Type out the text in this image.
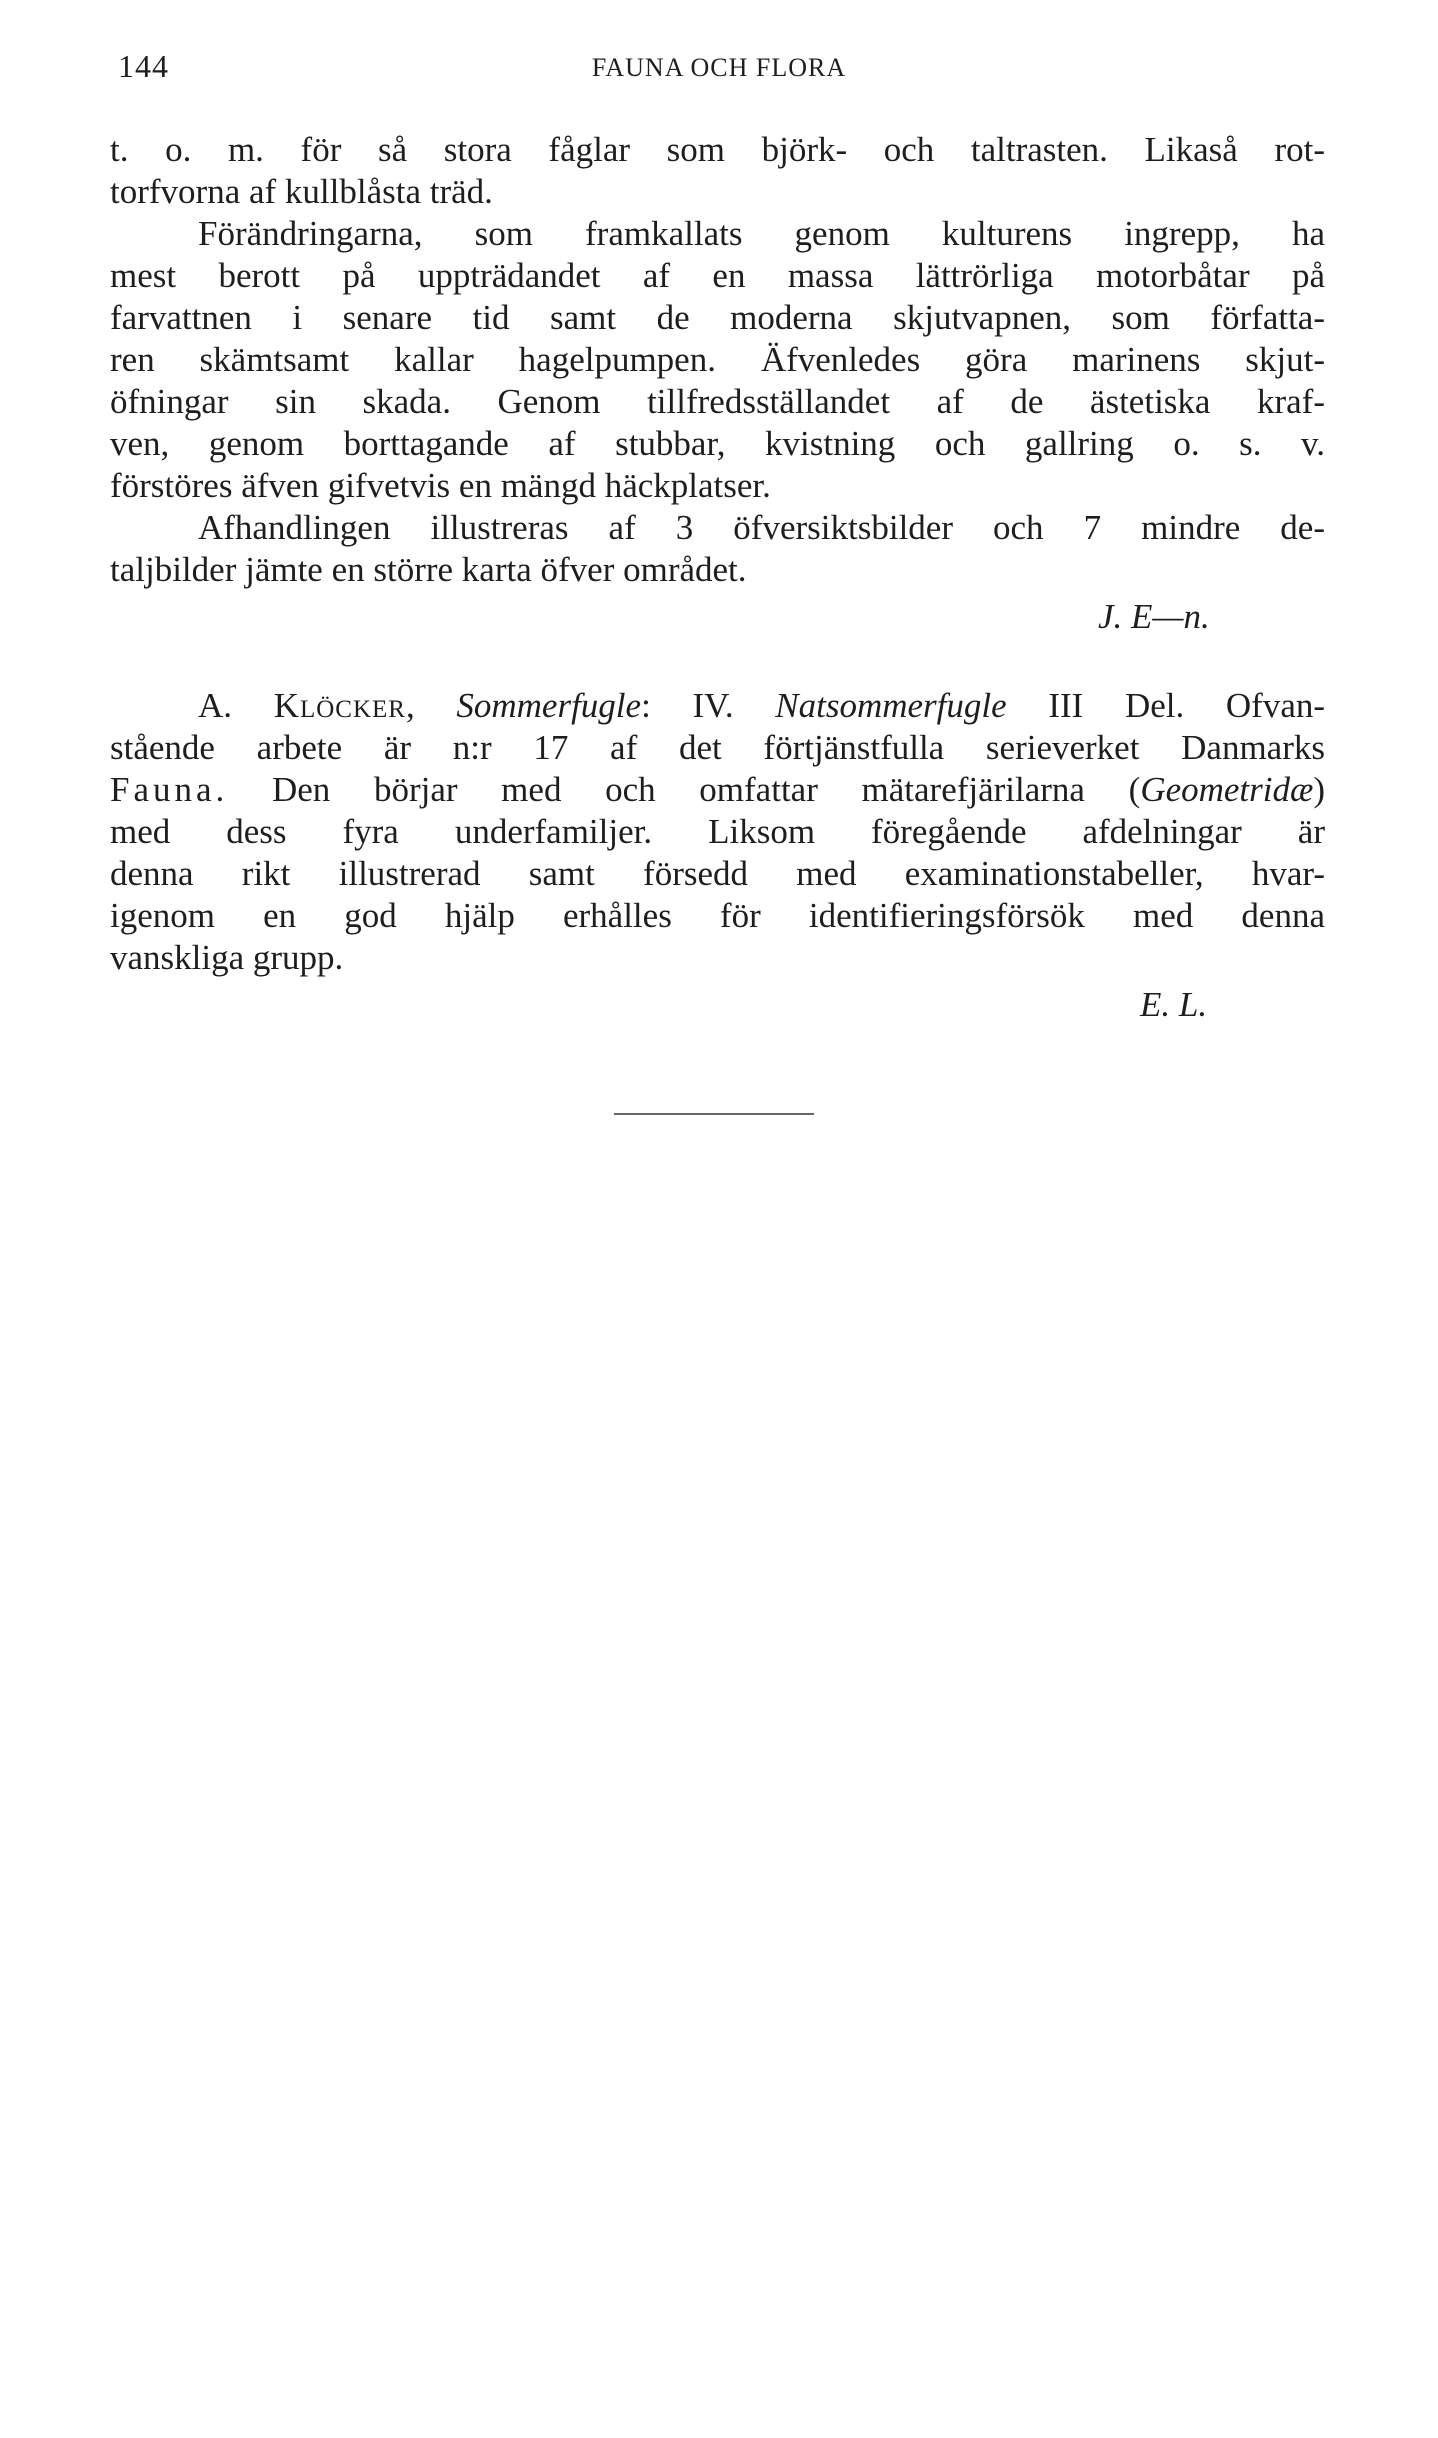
144	FAUNA OCH FLORA
t. o. m. för så stora fåglar som björk- och taltrasten. Likaså rot-
torfvorna af kullblåsta träd.
Förändringarna, som framkallats genom kulturens ingrepp, ha
mest berott på uppträdandet af en massa lättrörliga motorbåtar på
farvattnen i senare tid samt de moderna skjutvapnen, som författa-
ren skämtsamt kallar hagelpumpen. Äfvenledes göra marinens skjut-
öfningar sin skada. Genom tillfredsställandet af de ästetiska kraf-
ven, genom borttagande af stubbar, kvistning och gallring o. s. v.
förstöres äfven gifvetvis en mängd häckplatser.
Afhandlingen illustreras af 3 öfversiktsbilder och 7 mindre de-
taljbilder jämte en större karta öfver området.
J. E—n.
A. Klöcker, Sommerfugle: IV. Natsommerfugle III Del. Ofvan-
stående arbete är n:r 17 af det förtjänstfulla serieverket Danmarks
Fauna. Den börjar med och omfattar mätarefjärilarna (Geometridæ)
med dess fyra underfamiljer. Liksom föregående afdelningar är
denna rikt illustrerad samt försedd med examinationstabeller, hvar-
igenom en god hjälp erhålles för identifieringsförsök med denna
vanskliga grupp.
E. L.
